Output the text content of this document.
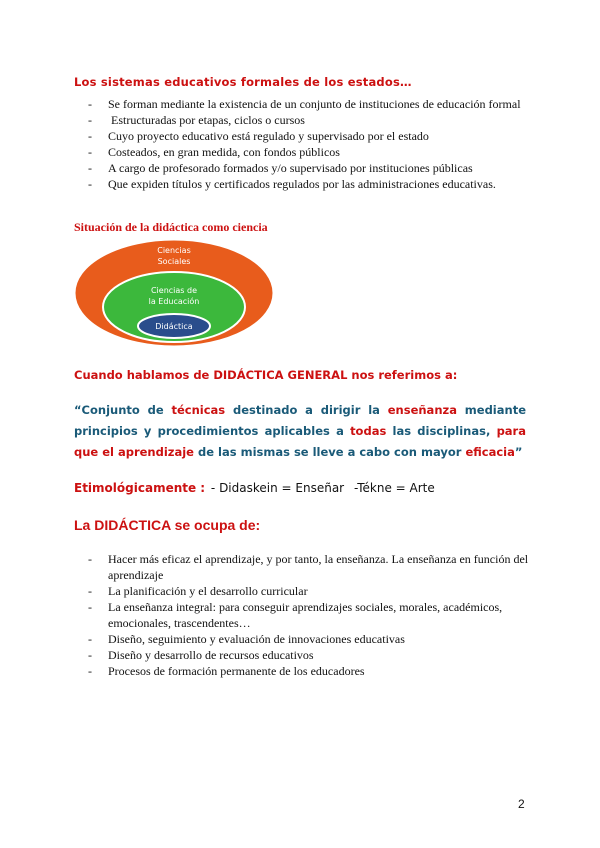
Los sistemas educativos formales de los estados…
- Se forman mediante la existencia de un conjunto de instituciones de educación formal
- Estructuradas por etapas, ciclos o cursos
- Cuyo proyecto educativo está regulado y supervisado por el estado
- Costeados, en gran medida, con fondos públicos
- A cargo de profesorado formados y/o supervisado por instituciones públicas
- Que expiden títulos y certificados regulados por las administraciones educativas.
Situación de la didáctica como ciencia
Ciencias
Sociales
Ciencias de
la Educación
Didáctica
Cuando hablamos de DIDÁCTICA GENERAL nos referimos a:
“Conjunto de técnicas destinado a dirigir la enseñanza mediante principios y procedimientos aplicables a todas las disciplinas, para que el aprendizaje de las mismas se lleve a cabo con mayor eficacia”
Etimológicamente : - Didaskein = Enseñar -Tékne = Arte
La DIDÁCTICA se ocupa de:
- Hacer más eficaz el aprendizaje, y por tanto, la enseñanza. La enseñanza en función del aprendizaje
- La planificación y el desarrollo curricular
- La enseñanza integral: para conseguir aprendizajes sociales, morales, académicos, emocionales, trascendentes…
- Diseño, seguimiento y evaluación de innovaciones educativas
- Diseño y desarrollo de recursos educativos
- Procesos de formación permanente de los educadores
2
